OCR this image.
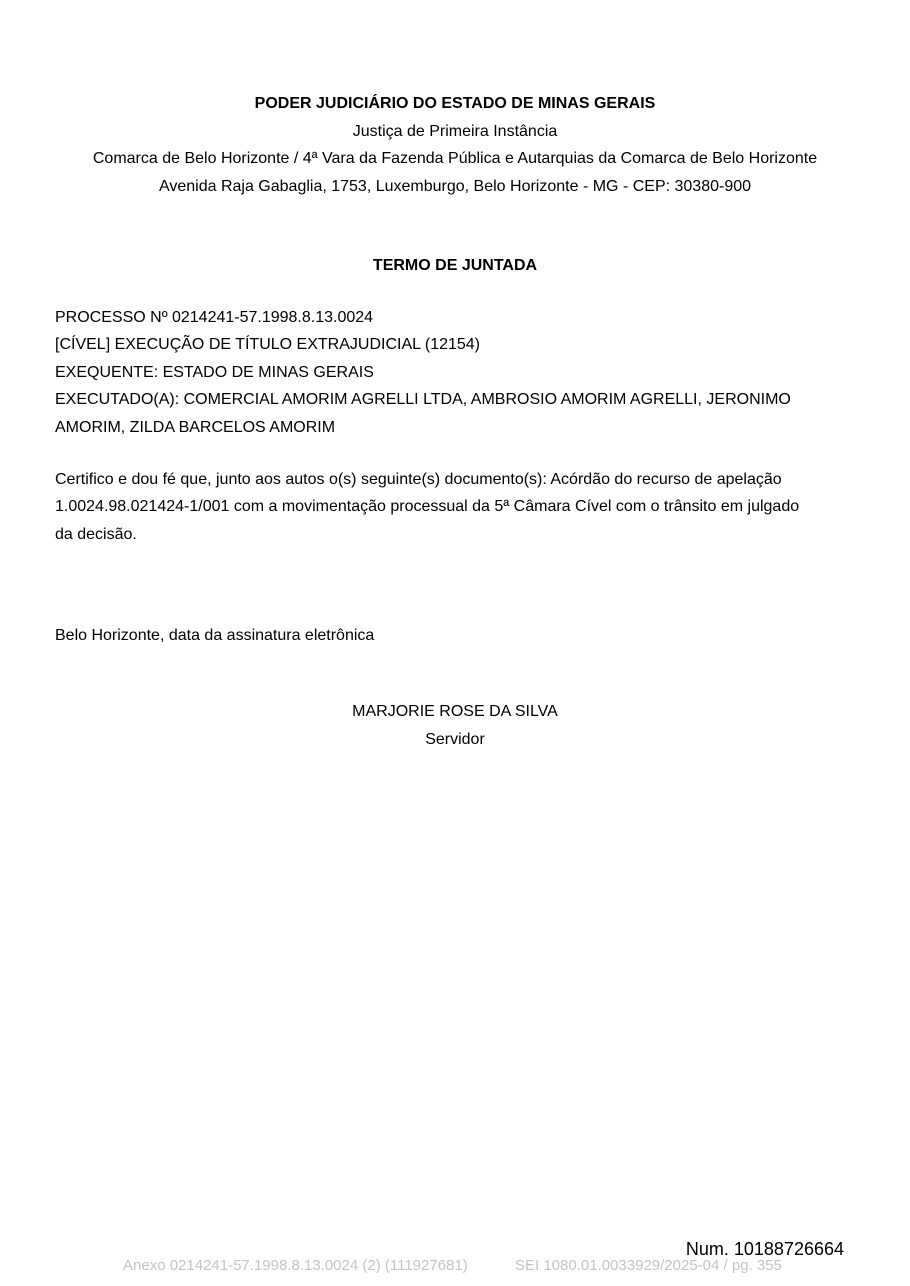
PODER JUDICIÁRIO DO ESTADO DE MINAS GERAIS
Justiça de Primeira Instância
Comarca de Belo Horizonte / 4ª Vara da Fazenda Pública e Autarquias da Comarca de Belo Horizonte
Avenida Raja Gabaglia, 1753, Luxemburgo, Belo Horizonte - MG - CEP: 30380-900
TERMO DE JUNTADA
PROCESSO Nº 0214241-57.1998.8.13.0024
[CÍVEL] EXECUÇÃO DE TÍTULO EXTRAJUDICIAL (12154)
EXEQUENTE: ESTADO DE MINAS GERAIS
EXECUTADO(A): COMERCIAL AMORIM AGRELLI LTDA, AMBROSIO AMORIM AGRELLI, JERONIMO
AMORIM, ZILDA BARCELOS AMORIM
Certifico e dou fé que, junto aos autos o(s) seguinte(s) documento(s): Acórdão do recurso de apelação
1.0024.98.021424-1/001 com a movimentação processual da 5ª Câmara Cível com o trânsito em julgado
da decisão.
Belo Horizonte, data da assinatura eletrônica
MARJORIE ROSE DA SILVA
Servidor
Num. 10188726664
Anexo 0214241-57.1998.8.13.0024 (2) (111927681)	SEI 1080.01.0033929/2025-04 / pg. 355
